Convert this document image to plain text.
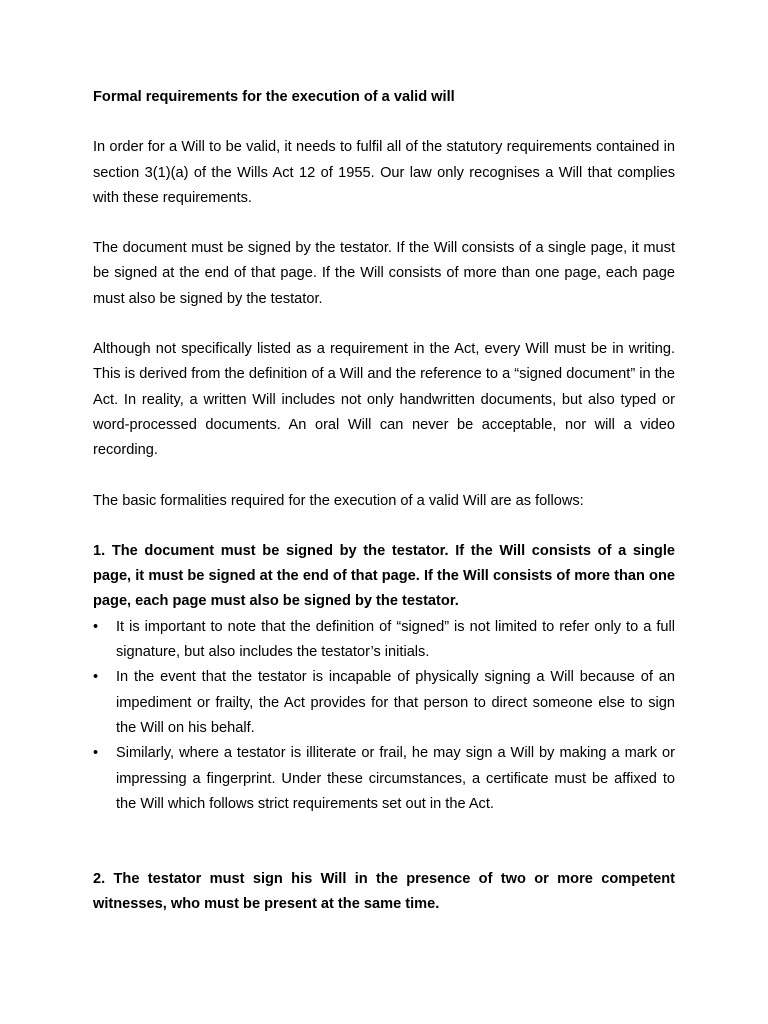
Formal requirements for the execution of a valid will

In order for a Will to be valid, it needs to fulfil all of the statutory requirements contained in section 3(1)(a) of the Wills Act 12 of 1955. Our law only recognises a Will that complies with these requirements.

The document must be signed by the testator. If the Will consists of a single page, it must be signed at the end of that page. If the Will consists of more than one page, each page must also be signed by the testator.

Although not specifically listed as a requirement in the Act, every Will must be in writing. This is derived from the definition of a Will and the reference to a “signed document” in the Act. In reality, a written Will includes not only handwritten documents, but also typed or word-processed documents. An oral Will can never be acceptable, nor will a video recording.

The basic formalities required for the execution of a valid Will are as follows:

1. The document must be signed by the testator. If the Will consists of a single page, it must be signed at the end of that page. If the Will consists of more than one page, each page must also be signed by the testator.

•	It is important to note that the definition of “signed” is not limited to refer only to a full signature, but also includes the testator’s initials.
•	In the event that the testator is incapable of physically signing a Will because of an impediment or frailty, the Act provides for that person to direct someone else to sign the Will on his behalf.
•	Similarly, where a testator is illiterate or frail, he may sign a Will by making a mark or impressing a fingerprint. Under these circumstances, a certificate must be affixed to the Will which follows strict requirements set out in the Act.

2. The testator must sign his Will in the presence of two or more competent witnesses, who must be present at the same time.
